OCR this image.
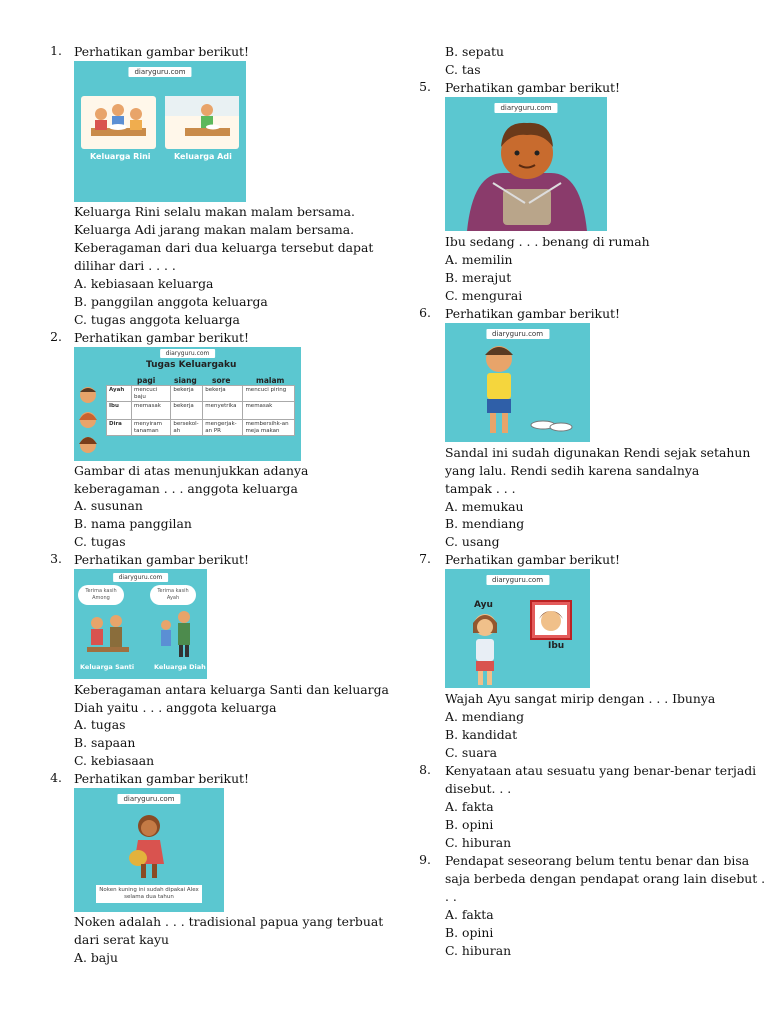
1. Perhatikan gambar berikut!
diaryguru.com
Keluarga Rini	Keluarga Adi
Keluarga Rini selalu makan malam bersama.
Keluarga Adi jarang makan malam bersama.
Keberagaman dari dua keluarga tersebut dapat
dilihar dari . . . .
A. kebiasaan keluarga
B. panggilan anggota keluarga
C. tugas anggota keluarga
2. Perhatikan gambar berikut!
diaryguru.com
Tugas Keluargaku
pagi siang sore	malam
Ayah	mencuci baju	bekerja	bekerja	mencuci piring
Ibu	memasak	bekerja	menyetrika	memasak
Dira	menyiram tanaman	bersekol-ah	mengerjak-an PR	membersihk-an meja makan
Gambar di atas menunjukkan adanya
keberagaman . . . anggota keluarga
A. susunan
B. nama panggilan
C. tugas
3. Perhatikan gambar berikut!
diaryguru.com
Terima kasih Among
Terima kasih Ayah
Keluarga Santi	Keluarga Diah
Keberagaman antara keluarga Santi dan keluarga
Diah yaitu . . . anggota keluarga
A. tugas
B. sapaan
C. kebiasaan
4. Perhatikan gambar berikut!
diaryguru.com
Noken kuning ini sudah dipakai Alex selama dua tahun
Noken adalah . . . tradisional papua yang terbuat
dari serat kayu
A. baju
B. sepatu
C. tas
5. Perhatikan gambar berikut!
diaryguru.com
Ibu sedang . . . benang di rumah
A. memilin
B. merajut
C. mengurai
6. Perhatikan gambar berikut!
diaryguru.com
Sandal ini sudah digunakan Rendi sejak setahun
yang lalu. Rendi sedih karena sandalnya
tampak . . .
A. memukau
B. mendiang
C. usang
7. Perhatikan gambar berikut!
diaryguru.com
Ayu
Ibu
Wajah Ayu sangat mirip dengan . . . Ibunya
A. mendiang
B. kandidat
C. suara
8. Kenyataan atau sesuatu yang benar-benar terjadi
disebut. . .
A. fakta
B. opini
C. hiburan
9. Pendapat seseorang belum tentu benar dan bisa
saja berbeda dengan pendapat orang lain disebut .
. .
A. fakta
B. opini
C. hiburan
